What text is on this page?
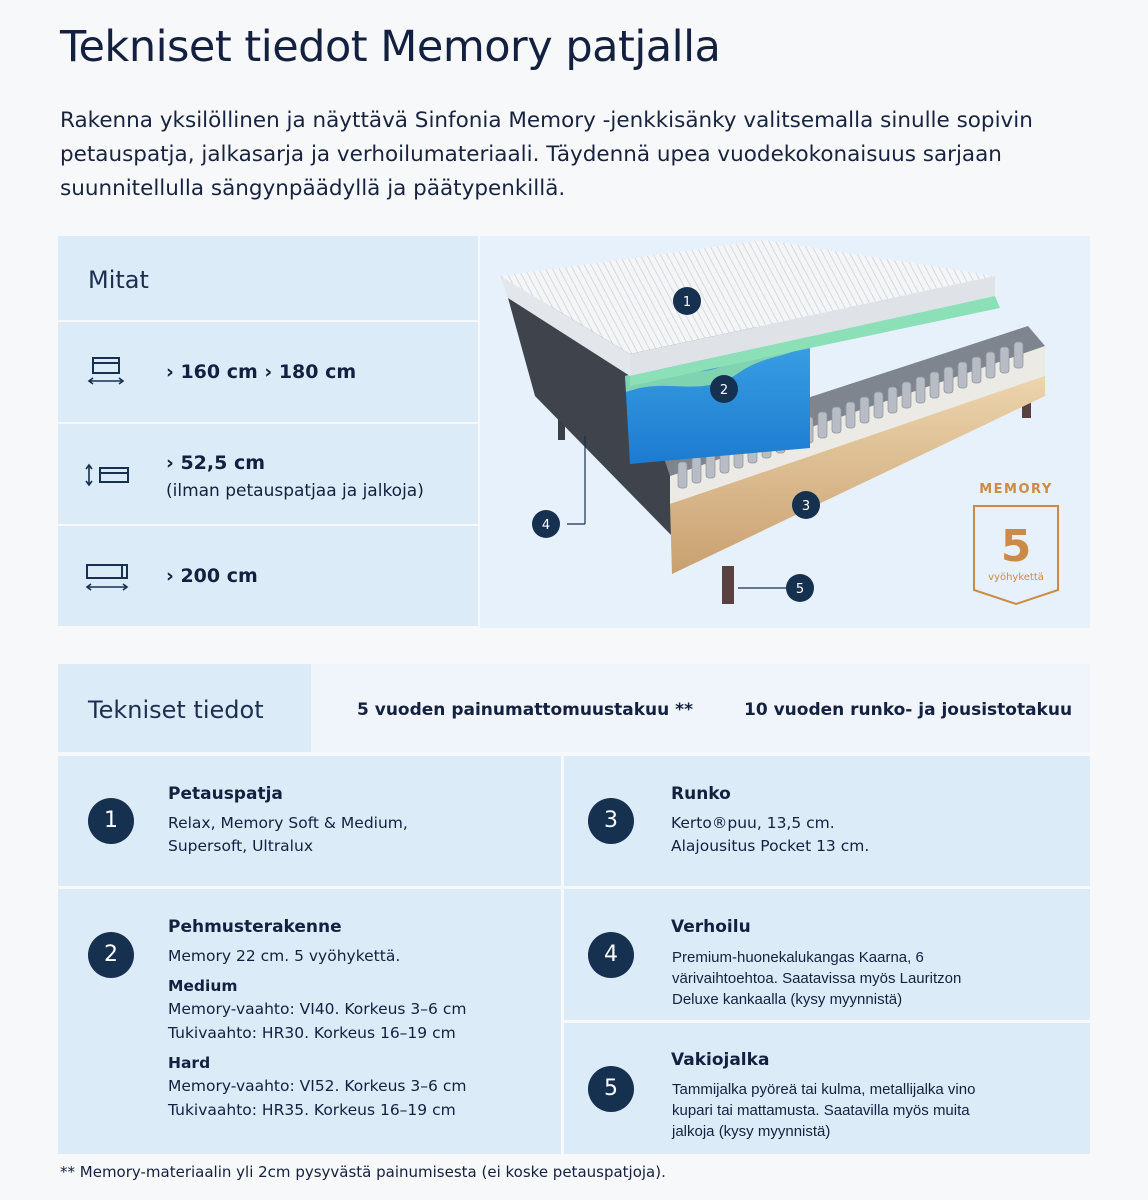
Tekniset tiedot Memory patjalla

Rakenna yksilöllinen ja näyttävä Sinfonia Memory -jenkkisänky valitsemalla sinulle sopivin petauspatja, jalkasarja ja verhoilumateriaali. Täydennä upea vuodekokonaisuus sarjaan suunnitellulla sängynpäädyllä ja päätypenkillä.

Mitat
› 160 cm › 180 cm
› 52,5 cm
(ilman petauspatjaa ja jalkoja)
› 200 cm
1
2
3
4
5
MEMORY
5
vyöhykettä
Tekniset tiedot	5 vuoden painumattomuustakuu **	10 vuoden runko- ja jousistotakuu
1
Petauspatja
Relax, Memory Soft & Medium,
Supersoft, Ultralux
2
Pehmusterakenne
Memory 22 cm. 5 vyöhykettä.
Medium
Memory-vaahto: VI40. Korkeus 3–6 cm
Tukivaahto: HR30. Korkeus 16–19 cm
Hard
Memory-vaahto: VI52. Korkeus 3–6 cm
Tukivaahto: HR35. Korkeus 16–19 cm
3
Runko
Kerto®puu, 13,5 cm.
Alajousitus Pocket 13 cm.
4
Verhoilu
Premium-huonekalukangas Kaarna, 6
värivaihtoehtoa. Saatavissa myös Lauritzon
Deluxe kankaalla (kysy myynnistä)
5
Vakiojalka
Tammijalka pyöreä tai kulma, metallijalka vino
kupari tai mattamusta. Saatavilla myös muita
jalkoja (kysy myynnistä)
** Memory-materiaalin yli 2cm pysyvästä painumisesta (ei koske petauspatjoja).
